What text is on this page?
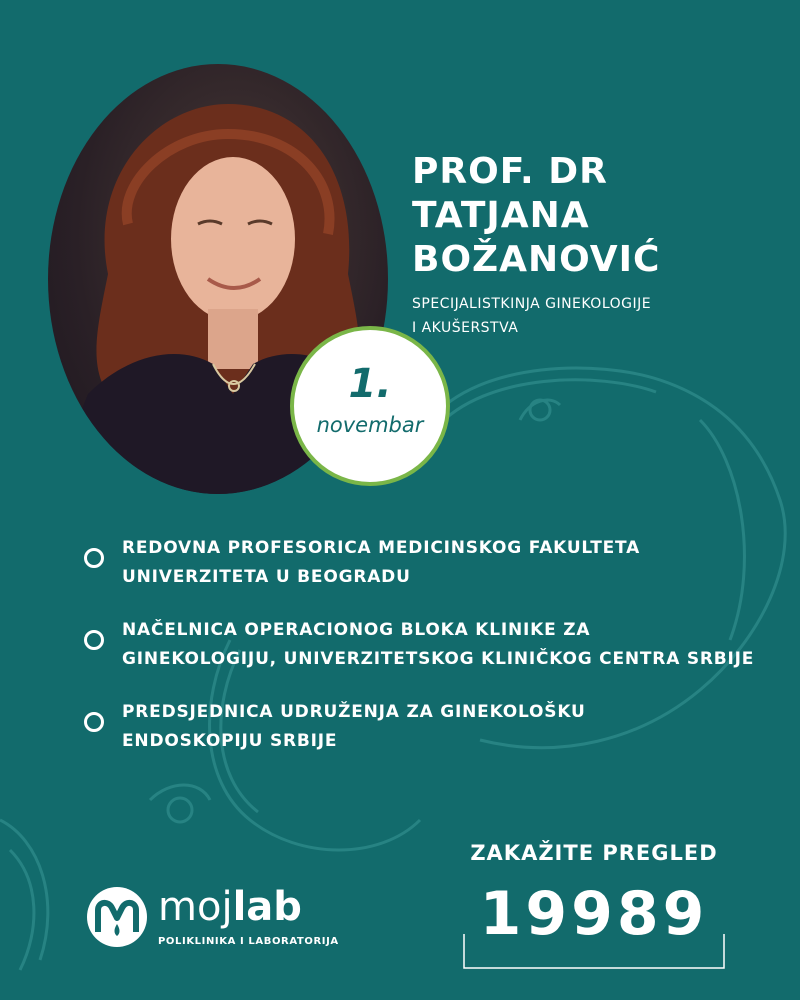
1.
novembar
PROF. DR
TATJANA
BOŽANOVIĆ
SPECIJALISTKINJA GINEKOLOGIJE I AKUŠERSTVA
REDOVNA PROFESORICA MEDICINSKOG FAKULTETA
UNIVERZITETA U BEOGRADU
NAČELNICA OPERACIONOG BLOKA KLINIKE ZA
GINEKOLOGIJU, UNIVERZITETSKOG KLINIČKOG CENTRA SRBIJE
PREDSJEDNICA UDRUŽENJA ZA GINEKOLOŠKU
ENDOSKOPIJU SRBIJE
ZAKAŽITE PREGLED
19989
mojlab
POLIKLINIKA I LABORATORIJA
